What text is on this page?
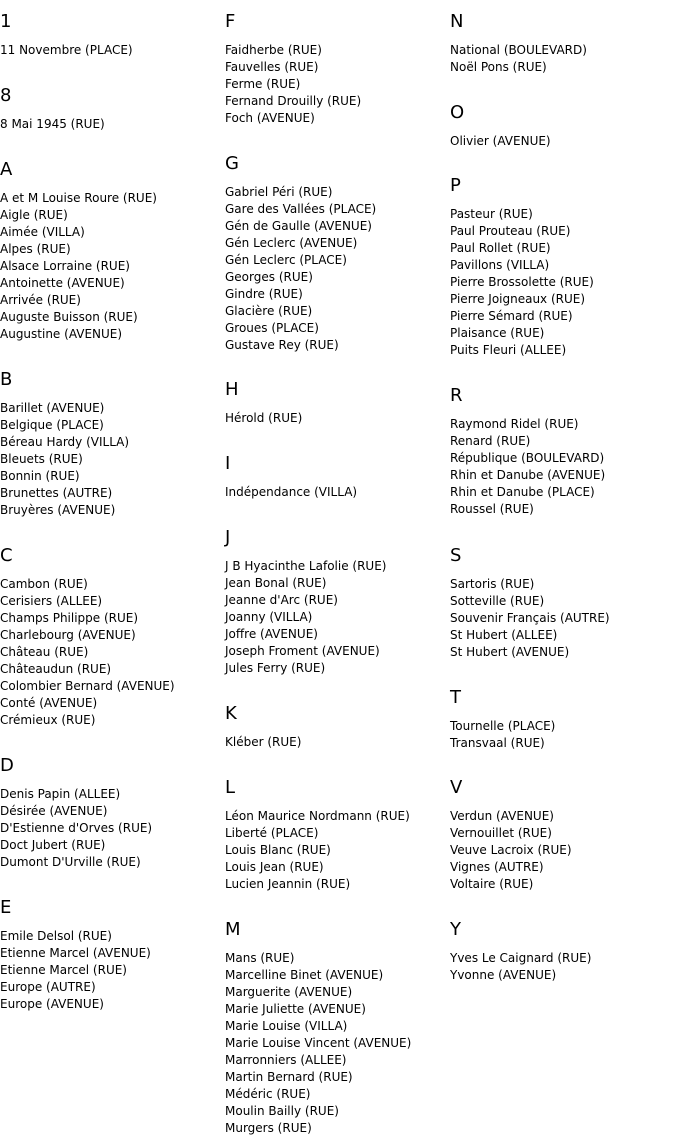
1
11 Novembre (PLACE)
8
8 Mai 1945 (RUE)
A
A et M Louise Roure (RUE)
Aigle (RUE)
Aimée (VILLA)
Alpes (RUE)
Alsace Lorraine (RUE)
Antoinette (AVENUE)
Arrivée (RUE)
Auguste Buisson (RUE)
Augustine (AVENUE)
B
Barillet (AVENUE)
Belgique (PLACE)
Béreau Hardy (VILLA)
Bleuets (RUE)
Bonnin (RUE)
Brunettes (AUTRE)
Bruyères (AVENUE)
C
Cambon (RUE)
Cerisiers (ALLEE)
Champs Philippe (RUE)
Charlebourg (AVENUE)
Château (RUE)
Châteaudun (RUE)
Colombier Bernard (AVENUE)
Conté (AVENUE)
Crémieux (RUE)
D
Denis Papin (ALLEE)
Désirée (AVENUE)
D'Estienne d'Orves (RUE)
Doct Jubert (RUE)
Dumont D'Urville (RUE)
E
Emile Delsol (RUE)
Etienne Marcel (AVENUE)
Etienne Marcel (RUE)
Europe (AUTRE)
Europe (AVENUE)
F
Faidherbe (RUE)
Fauvelles (RUE)
Ferme (RUE)
Fernand Drouilly (RUE)
Foch (AVENUE)
G
Gabriel Péri (RUE)
Gare des Vallées (PLACE)
Gén de Gaulle (AVENUE)
Gén Leclerc (AVENUE)
Gén Leclerc (PLACE)
Georges (RUE)
Gindre (RUE)
Glacière (RUE)
Groues (PLACE)
Gustave Rey (RUE)
H
Hérold (RUE)
I
Indépendance (VILLA)
J
J B Hyacinthe Lafolie (RUE)
Jean Bonal (RUE)
Jeanne d'Arc (RUE)
Joanny (VILLA)
Joffre (AVENUE)
Joseph Froment (AVENUE)
Jules Ferry (RUE)
K
Kléber (RUE)
L
Léon Maurice Nordmann (RUE)
Liberté (PLACE)
Louis Blanc (RUE)
Louis Jean (RUE)
Lucien Jeannin (RUE)
M
Mans (RUE)
Marcelline Binet (AVENUE)
Marguerite (AVENUE)
Marie Juliette (AVENUE)
Marie Louise (VILLA)
Marie Louise Vincent (AVENUE)
Marronniers (ALLEE)
Martin Bernard (RUE)
Médéric (RUE)
Moulin Bailly (RUE)
Murgers (RUE)
N
National (BOULEVARD)
Noël Pons (RUE)
O
Olivier (AVENUE)
P
Pasteur (RUE)
Paul Prouteau (RUE)
Paul Rollet (RUE)
Pavillons (VILLA)
Pierre Brossolette (RUE)
Pierre Joigneaux (RUE)
Pierre Sémard (RUE)
Plaisance (RUE)
Puits Fleuri (ALLEE)
R
Raymond Ridel (RUE)
Renard (RUE)
République (BOULEVARD)
Rhin et Danube (AVENUE)
Rhin et Danube (PLACE)
Roussel (RUE)
S
Sartoris (RUE)
Sotteville (RUE)
Souvenir Français (AUTRE)
St Hubert (ALLEE)
St Hubert (AVENUE)
T
Tournelle (PLACE)
Transvaal (RUE)
V
Verdun (AVENUE)
Vernouillet (RUE)
Veuve Lacroix (RUE)
Vignes (AUTRE)
Voltaire (RUE)
Y
Yves Le Caignard (RUE)
Yvonne (AVENUE)
